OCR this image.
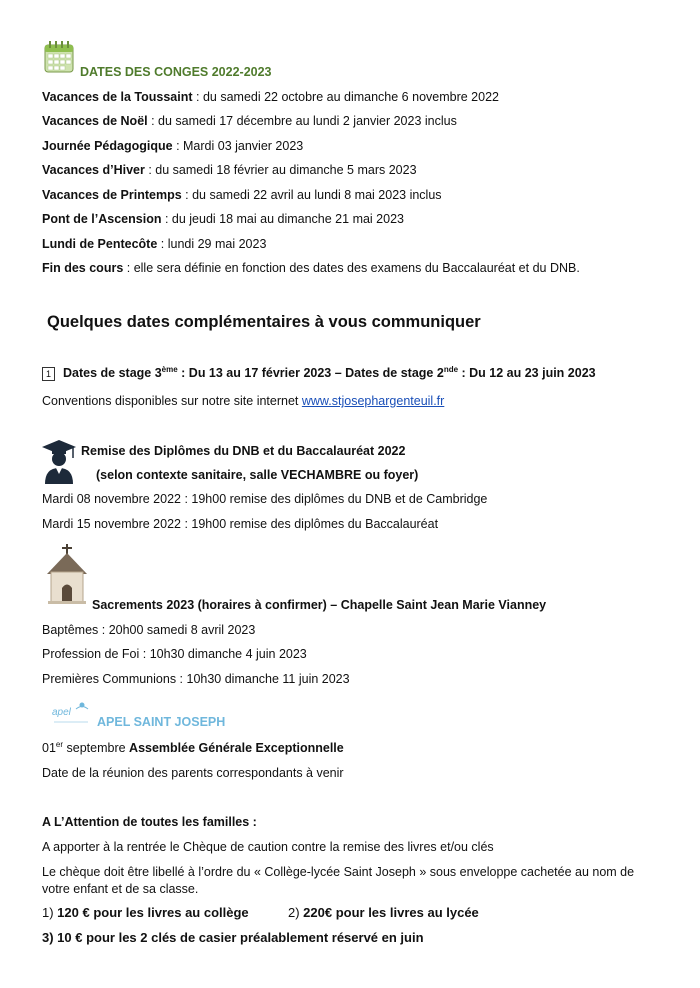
DATES DES CONGES 2022-2023
Vacances de la Toussaint : du samedi 22 octobre au dimanche 6 novembre 2022
Vacances de Noël : du samedi 17 décembre au lundi 2 janvier 2023 inclus
Journée Pédagogique : Mardi 03 janvier 2023
Vacances d’Hiver : du samedi 18 février au dimanche 5 mars 2023
Vacances de Printemps : du samedi 22 avril au lundi 8 mai 2023 inclus
Pont de l’Ascension : du jeudi 18 mai au dimanche 21 mai 2023
Lundi de Pentecôte : lundi 29 mai 2023
Fin des cours : elle sera définie en fonction des dates des examens du Baccalauréat et du DNB.
Quelques dates complémentaires à vous communiquer
1 Dates de stage 3ème : Du 13 au 17 février 2023 – Dates de stage 2nde : Du 12 au 23 juin 2023
Conventions disponibles sur notre site internet www.stjosephargenteuil.fr
Remise des Diplômes du DNB et du Baccalauréat 2022
(selon contexte sanitaire, salle VECHAMBRE ou foyer)
Mardi 08 novembre 2022 : 19h00 remise des diplômes du DNB et de Cambridge
Mardi 15 novembre 2022 : 19h00 remise des diplômes du Baccalauréat
Sacrements 2023 (horaires à confirmer) – Chapelle Saint Jean Marie Vianney
Baptêmes : 20h00 samedi 8 avril 2023
Profession de Foi : 10h30 dimanche 4 juin 2023
Premières Communions : 10h30 dimanche 11 juin 2023
apel
APEL SAINT JOSEPH
01er septembre Assemblée Générale Exceptionnelle
Date de la réunion des parents correspondants à venir
A L’Attention de toutes les familles :
A apporter à la rentrée le Chèque de caution contre la remise des livres et/ou clés
Le chèque doit être libellé à l’ordre du « Collège-lycée Saint Joseph » sous enveloppe cachetée au nom de votre enfant et de sa classe.
1) 120 € pour les livres au collège	2) 220€ pour les livres au lycée
3) 10 € pour les 2 clés de casier préalablement réservé en juin
